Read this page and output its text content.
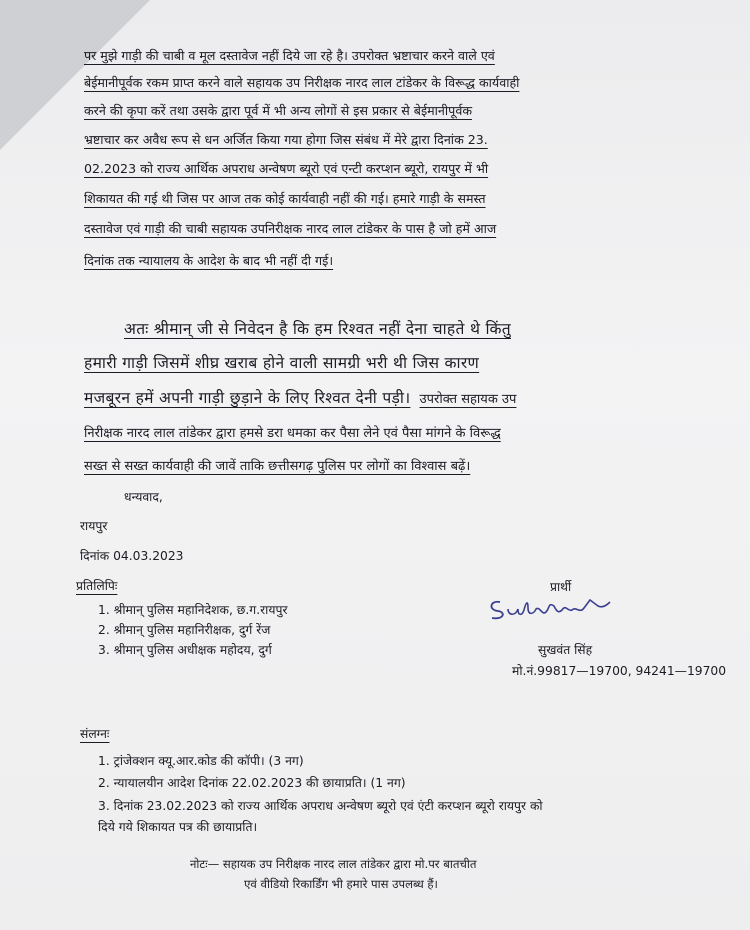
पर मुझे गाड़ी की चाबी व मूल दस्तावेज नहीं दिये जा रहे है। उपरोक्त भ्रष्टाचार करने वाले एवं
बेईमानीपूर्वक रकम प्राप्त करने वाले सहायक उप निरीक्षक नारद लाल टांडेकर के विरूद्ध कार्यवाही
करने की कृपा करें तथा उसके द्वारा पूर्व में भी अन्य लोगों से इस प्रकार से बेईमानीपूर्वक
भ्रष्टाचार कर अवैध रूप से धन अर्जित किया गया होगा जिस संबंध में मेरे द्वारा दिनांक 23.
02.2023 को राज्य आर्थिक अपराध अन्वेषण ब्यूरो एवं एन्टी करप्शन ब्यूरो, रायपुर में भी
शिकायत की गई थी जिस पर आज तक कोई कार्यवाही नहीं की गई। हमारे गाड़ी के समस्त
दस्तावेज एवं गाड़ी की चाबी सहायक उपनिरीक्षक नारद लाल टांडेकर के पास है जो हमें आज
दिनांक तक न्यायालय के आदेश के बाद भी नहीं दी गई।
अतः श्रीमान् जी से निवेदन है कि हम रिश्वत नहीं देना चाहते थे किंतु
हमारी गाड़ी जिसमें शीघ्र खराब होने वाली सामग्री भरी थी जिस कारण
मजबूरन हमें अपनी गाड़ी छुड़ाने के लिए रिश्वत देनी पड़ी। उपरोक्त सहायक उप
निरीक्षक नारद लाल तांडेकर द्वारा हमसे डरा धमका कर पैसा लेने एवं पैसा मांगने के विरूद्ध
सख्त से सख्त कार्यवाही की जावें ताकि छत्तीसगढ़ पुलिस पर लोगों का विश्वास बढ़ें।
धन्यवाद,
रायपुर
दिनांक 04.03.2023
प्रतिलिपिः
1. श्रीमान् पुलिस महानिदेशक, छ.ग.रायपुर
2. श्रीमान् पुलिस महानिरीक्षक, दुर्ग रेंज
3. श्रीमान् पुलिस अधीक्षक महोदय, दुर्ग
प्रार्थी
सुखवंत सिंह
मो.नं.99817—19700, 94241—19700
संलग्नः
1. ट्रांजेक्शन क्यू.आर.कोड की कॉपी। (3 नग)
2. न्यायालयीन आदेश दिनांक 22.02.2023 की छायाप्रति। (1 नग)
3. दिनांक 23.02.2023 को राज्य आर्थिक अपराध अन्वेषण ब्यूरो एवं एंटी करप्शन ब्यूरो रायपुर को
दिये गये शिकायत पत्र की छायाप्रति।
नोटः— सहायक उप निरीक्षक नारद लाल तांडेकर द्वारा मो.पर बातचीत
एवं वीडियो रिकार्डिंग भी हमारे पास उपलब्ध हैं।
